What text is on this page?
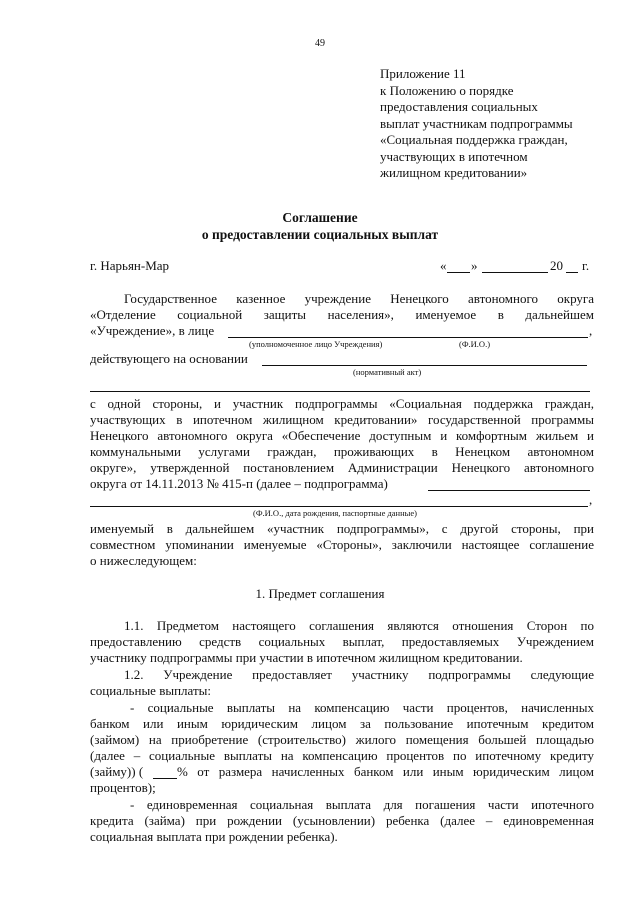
49
Приложение 11
к Положению о порядке
предоставления социальных
выплат участникам подпрограммы
«Социальная поддержка граждан,
участвующих в ипотечном
жилищном кредитовании»
Соглашение
о предоставлении социальных выплат
г. Нарьян-Мар	« »	20 г.
Государственное казенное учреждение Ненецкого автономного округа
«Отделение социальной защиты населения», именуемое в дальнейшем
«Учреждение», в лице	,
(уполномоченное лицо Учреждения)	(Ф.И.О.)
действующего на основании
(нормативный акт)
с одной стороны, и участник подпрограммы «Социальная поддержка граждан,
участвующих в ипотечном жилищном кредитовании» государственной программы
Ненецкого автономного округа «Обеспечение доступным и комфортным жильем и
коммунальными услугами граждан, проживающих в Ненецком автономном
округе», утвержденной постановлением Администрации Ненецкого автономного
округа от 14.11.2013 № 415-п (далее – подпрограмма)
,
(Ф.И.О., дата рождения, паспортные данные)
именуемый в дальнейшем «участник подпрограммы», с другой стороны, при
совместном упоминании именуемые «Стороны», заключили настоящее соглашение
о нижеследующем:
1. Предмет соглашения
1.1. Предметом настоящего соглашения являются отношения Сторон по
предоставлению средств социальных выплат, предоставляемых Учреждением
участнику подпрограммы при участии в ипотечном жилищном кредитовании.
1.2. Учреждение предоставляет участнику подпрограммы следующие
социальные выплаты:
- социальные выплаты на компенсацию части процентов, начисленных
банком или иным юридическим лицом за пользование ипотечным кредитом
(займом) на приобретение (строительство) жилого помещения большей площадью
(далее – социальные выплаты на компенсацию процентов по ипотечному кредиту
(займу)) (	% от размера начисленных банком или иным юридическим лицом
процентов);
- единовременная социальная выплата для погашения части ипотечного
кредита (займа) при рождении (усыновлении) ребенка (далее – единовременная
социальная выплата при рождении ребенка).
